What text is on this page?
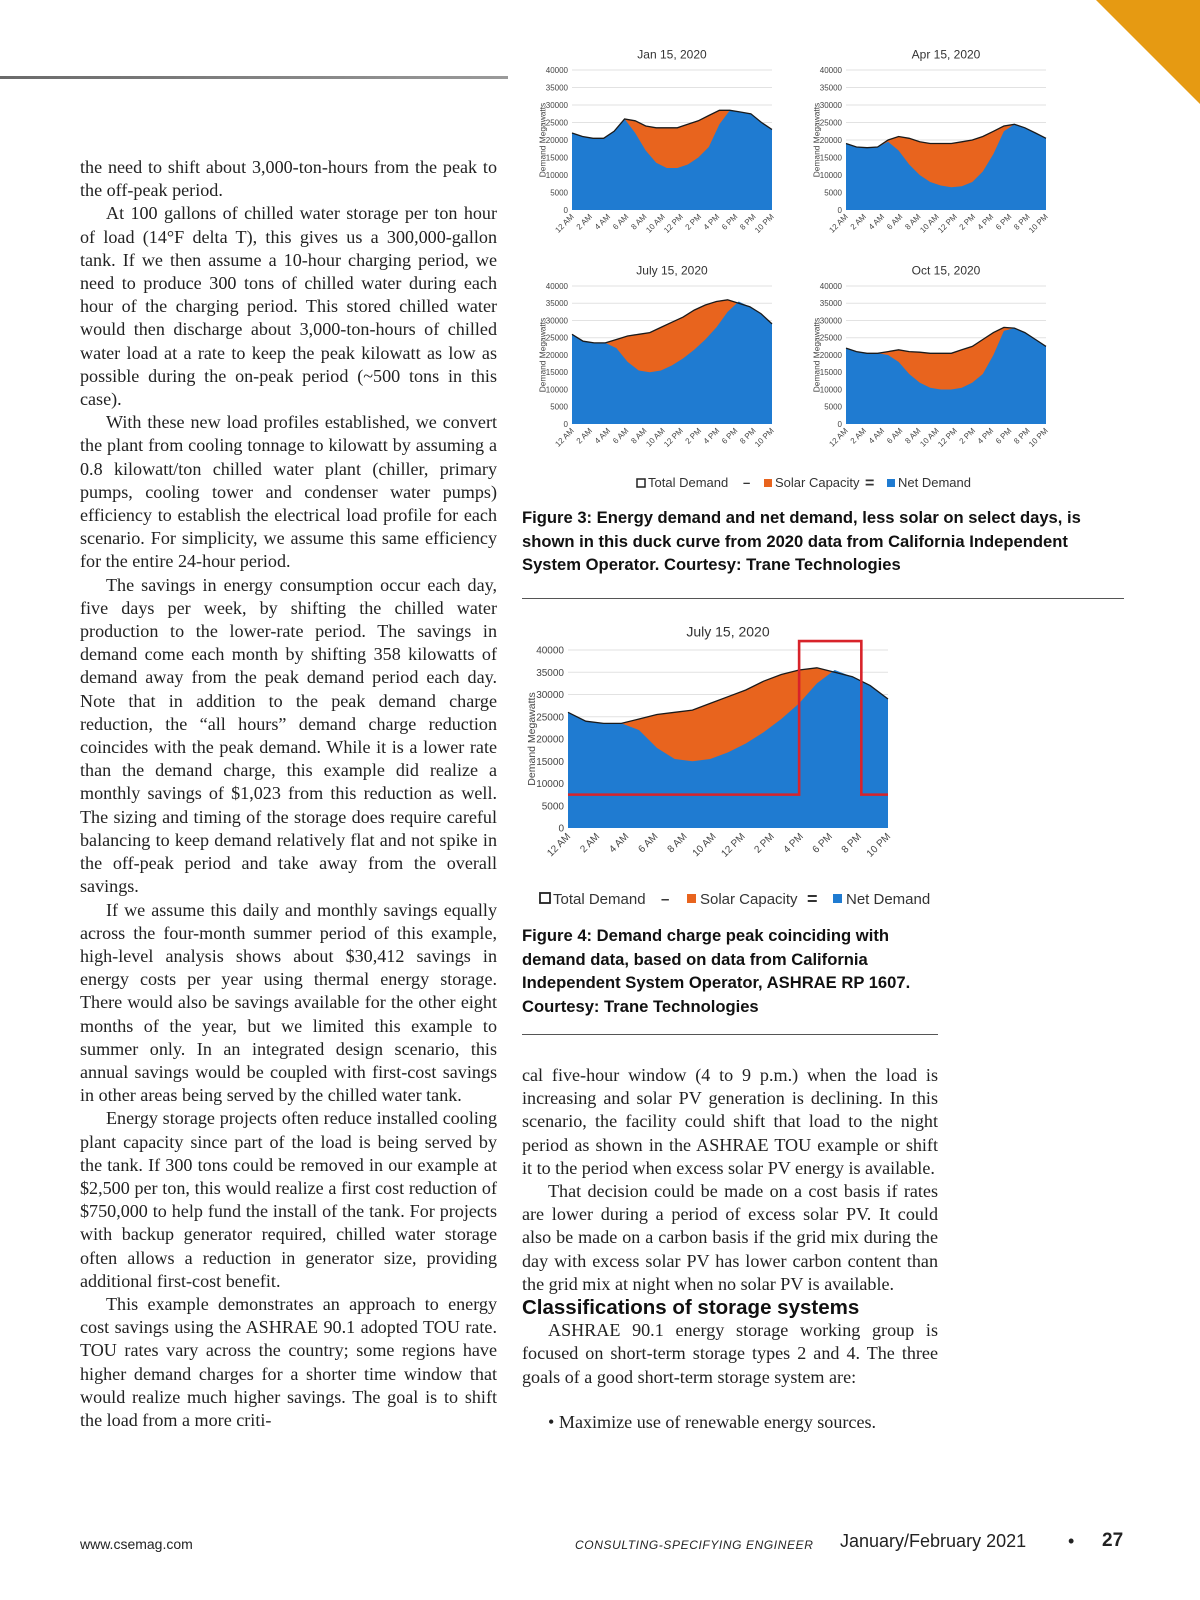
the need to shift about 3,000-ton-hours from the peak to the off-peak period.

At 100 gallons of chilled water storage per ton hour of load (14°F delta T), this gives us a 300,000-gallon tank. If we then assume a 10-hour charging period, we need to produce 300 tons of chilled water during each hour of the charging period. This stored chilled water would then discharge about 3,000-ton-hours of chilled water load at a rate to keep the peak kilowatt as low as possible during the on-peak period (~500 tons in this case).

With these new load profiles established, we convert the plant from cooling tonnage to kilowatt by assuming a 0.8 kilowatt/ton chilled water plant (chiller, primary pumps, cooling tower and condenser water pumps) efficiency to establish the electrical load profile for each scenario. For simplicity, we assume this same efficiency for the entire 24-hour period.

The savings in energy consumption occur each day, five days per week, by shifting the chilled water production to the lower-rate period. The savings in demand come each month by shifting 358 kilowatts of demand away from the peak demand period each day. Note that in addition to the peak demand charge reduction, the “all hours” demand charge reduction coincides with the peak demand. While it is a lower rate than the demand charge, this example did realize a monthly savings of $1,023 from this reduction as well. The sizing and timing of the storage does require careful balancing to keep demand relatively flat and not spike in the off-peak period and take away from the overall savings.

If we assume this daily and monthly savings equally across the four-month summer period of this example, high-level analysis shows about $30,412 savings in energy costs per year using thermal energy storage. There would also be savings available for the other eight months of the year, but we limited this example to summer only. In an integrated design scenario, this annual savings would be coupled with first-cost savings in other areas being served by the chilled water tank.

Energy storage projects often reduce installed cooling plant capacity since part of the load is being served by the tank. If 300 tons could be removed in our example at $2,500 per ton, this would realize a first cost reduction of $750,000 to help fund the install of the tank. For projects with backup generator required, chilled water storage often allows a reduction in generator size, providing additional first-cost benefit.

This example demonstrates an approach to energy cost savings using the ASHRAE 90.1 adopted TOU rate. TOU rates vary across the country; some regions have higher demand charges for a shorter time window that would realize much higher savings. The goal is to shift the load from a more criti-

0
5000
10000
15000
20000
25000
30000
35000
40000
12 AM
2 AM
4 AM
6 AM
8 AM
10 AM
12 PM
2 PM
4 PM
6 PM
8 PM
10 PM
Jan 15, 2020
Demand Megawatts
0
5000
10000
15000
20000
25000
30000
35000
40000
12 AM
2 AM
4 AM
6 AM
8 AM
10 AM
12 PM
2 PM
4 PM
6 PM
8 PM
10 PM
Apr 15, 2020
Demand Megawatts
0
5000
10000
15000
20000
25000
30000
35000
40000
12 AM
2 AM
4 AM
6 AM
8 AM
10 AM
12 PM
2 PM
4 PM
6 PM
8 PM
10 PM
July 15, 2020
Demand Megawatts
0
5000
10000
15000
20000
25000
30000
35000
40000
12 AM
2 AM
4 AM
6 AM
8 AM
10 AM
12 PM
2 PM
4 PM
6 PM
8 PM
10 PM
Oct 15, 2020
Demand Megawatts
Total Demand – Solar Capacity = Net Demand
Figure 3: Energy demand and net demand, less solar on select days, is shown in this duck curve from 2020 data from California Independent System Operator. Courtesy: Trane Technologies
0
5000
10000
15000
20000
25000
30000
35000
40000
12 AM 2 AM 4 AM 6 AM 8 AM 10 AM 12 PM 2 PM 4 PM 6 PM 8 PM 10 PM
July 15, 2020
Demand Megawatts
Total Demand – Solar Capacity = Net Demand
Figure 4: Demand charge peak coinciding with demand data, based on data from California Independent System Operator, ASHRAE RP 1607. Courtesy: Trane Technologies

cal five-hour window (4 to 9 p.m.) when the load is increasing and solar PV generation is declining. In this scenario, the facility could shift that load to the night period as shown in the ASHRAE TOU example or shift it to the period when excess solar PV energy is available.

That decision could be made on a cost basis if rates are lower during a period of excess solar PV. It could also be made on a carbon basis if the grid mix during the day with excess solar PV has lower carbon content than the grid mix at night when no solar PV is available.

Classifications of storage systems

ASHRAE 90.1 energy storage working group is focused on short-term storage types 2 and 4. The three goals of a good short-term storage system are:

• Maximize use of renewable energy sources.

www.csemag.com	CONSULTING-SPECIFYING ENGINEER January/February 2021 • 27
